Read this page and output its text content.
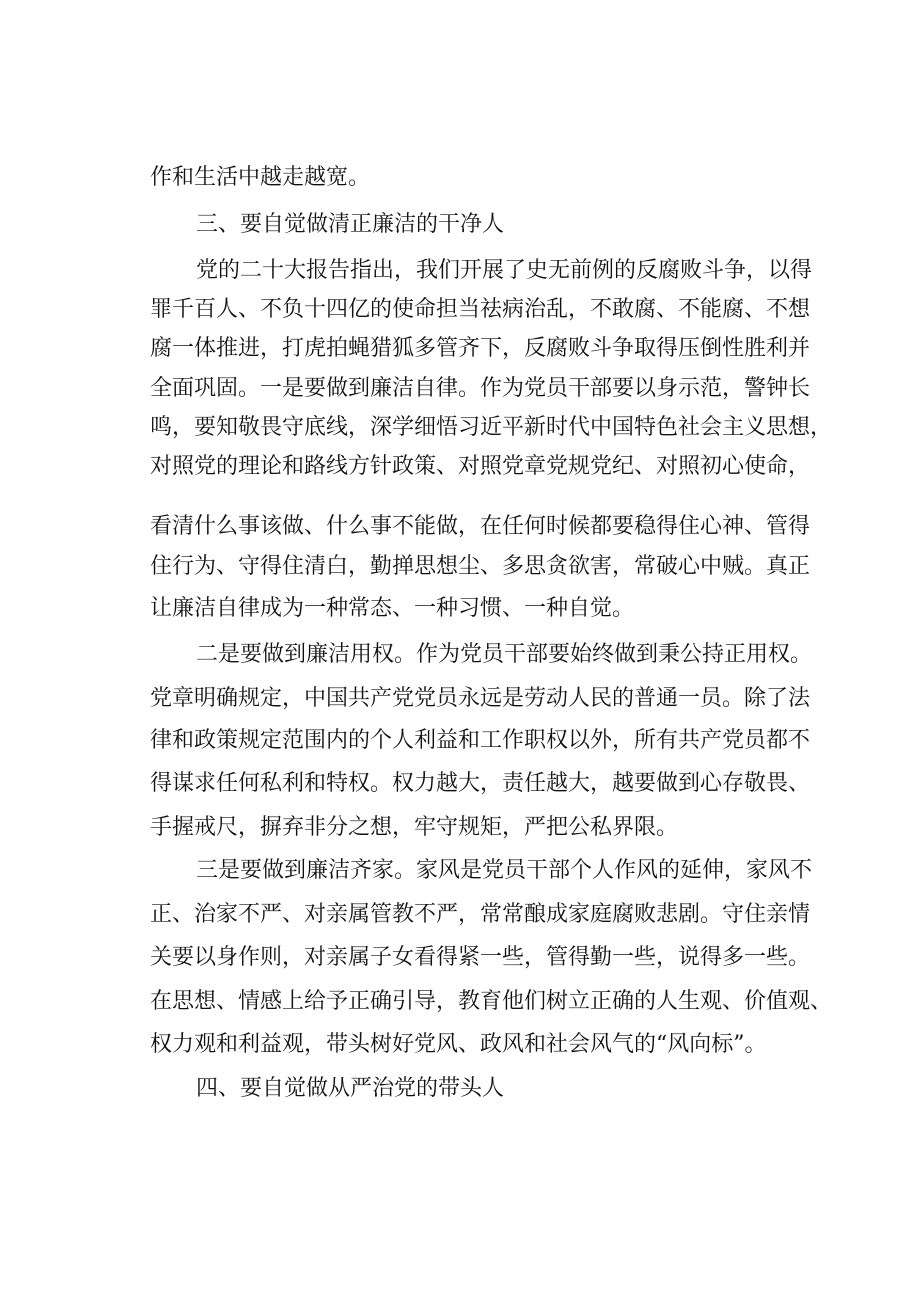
作和生活中越走越宽。
三、要自觉做清正廉洁的干净人
党的二十大报告指出，我们开展了史无前例的反腐败斗争，以得
罪千百人、不负十四亿的使命担当祛病治乱，不敢腐、不能腐、不想
腐一体推进，打虎拍蝇猎狐多管齐下，反腐败斗争取得压倒性胜利并
全面巩固。一是要做到廉洁自律。作为党员干部要以身示范，警钟长
鸣，要知敬畏守底线，深学细悟习近平新时代中国特色社会主义思想，
对照党的理论和路线方针政策、对照党章党规党纪、对照初心使命，
看清什么事该做、什么事不能做，在任何时候都要稳得住心神、管得
住行为、守得住清白，勤掸思想尘、多思贪欲害，常破心中贼。真正
让廉洁自律成为一种常态、一种习惯、一种自觉。
二是要做到廉洁用权。作为党员干部要始终做到秉公持正用权。
党章明确规定，中国共产党党员永远是劳动人民的普通一员。除了法
律和政策规定范围内的个人利益和工作职权以外，所有共产党员都不
得谋求任何私利和特权。权力越大，责任越大，越要做到心存敬畏、
手握戒尺，摒弃非分之想，牢守规矩，严把公私界限。
三是要做到廉洁齐家。家风是党员干部个人作风的延伸，家风不
正、治家不严、对亲属管教不严，常常酿成家庭腐败悲剧。守住亲情
关要以身作则，对亲属子女看得紧一些，管得勤一些，说得多一些。
在思想、情感上给予正确引导，教育他们树立正确的人生观、价值观、
权力观和利益观，带头树好党风、政风和社会风气的“风向标”。
四、要自觉做从严治党的带头人
